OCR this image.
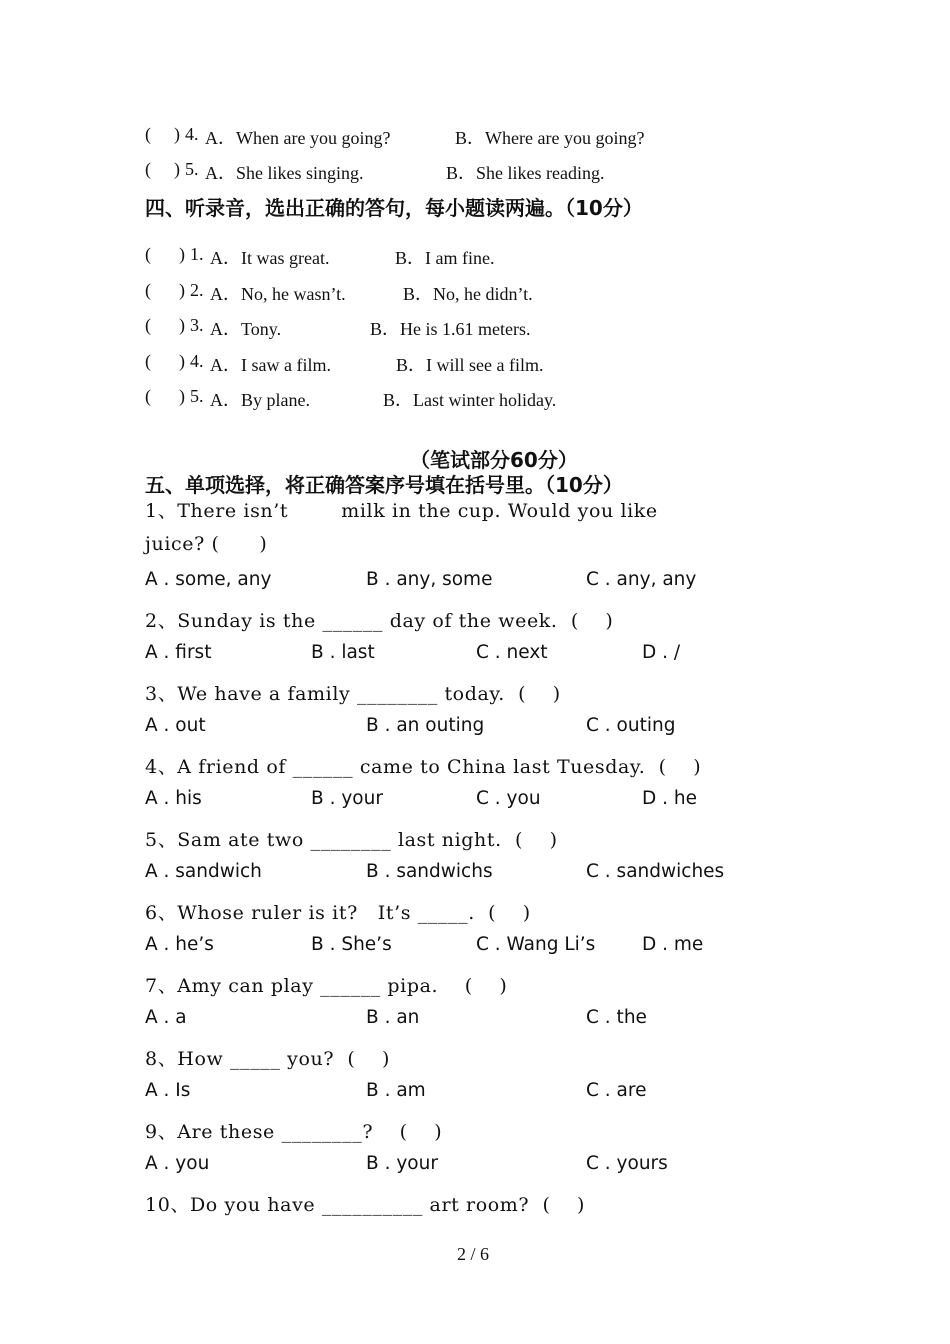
( ) 4. A．When are you going?	B．Where are you going?
( ) 5. A．She likes singing.	B．She likes reading.
四、听录音，选出正确的答句，每小题读两遍。（10分）
( ) 1. A．It was great.	B．I am fine.
( ) 2. A．No, he wasn’t.	B．No, he didn’t.
( ) 3. A．Tony.	B．He is 1.61 meters.
( ) 4. A．I saw a film.	B．I will see a film.
( ) 5. A．By plane.	B．Last winter holiday.
（笔试部分60分）
五、单项选择，将正确答案序号填在括号里。（10分）
1、There isn’t        milk in the cup. Would you like
juice? (      )
A . some, any	B . any, some	C . any, any
2、Sunday is the ______ day of the week.  (    )
A . first	B . last	C . next	D . /
3、We have a family ________ today.  (    )
A . out	B . an outing	C . outing
4、A friend of ______ came to China last Tuesday.  (    )
A . his	B . your	C . you	D . he
5、Sam ate two ________ last night.  (    )
A . sandwich	B . sandwichs	C . sandwiches
6、Whose ruler is it?   It’s _____.  (    )
A . he’s	B . She’s	C . Wang Li’s	D . me
7、Amy can play ______ pipa.    (    )
A . a	B . an	C . the
8、How _____ you?  (    )
A . Is	B . am	C . are
9、Are these ________?    (    )
A . you	B . your	C . yours
10、Do you have __________ art room?  (    )
2 / 6
